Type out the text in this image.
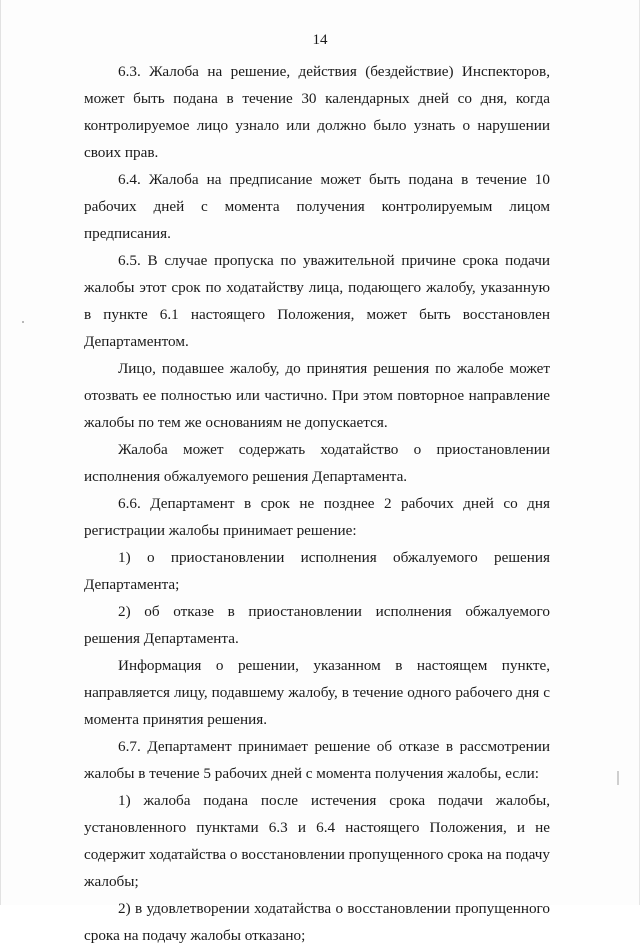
14

6.3. Жалоба на решение, действия (бездействие) Инспекторов, может быть подана в течение 30 календарных дней со дня, когда контролируемое лицо узнало или должно было узнать о нарушении своих прав.

6.4. Жалоба на предписание может быть подана в течение 10 рабочих дней с момента получения контролируемым лицом предписания.

6.5. В случае пропуска по уважительной причине срока подачи жалобы этот срок по ходатайству лица, подающего жалобу, указанную в пункте 6.1 настоящего Положения, может быть восстановлен Департаментом.

Лицо, подавшее жалобу, до принятия решения по жалобе может отозвать ее полностью или частично. При этом повторное направление жалобы по тем же основаниям не допускается.

Жалоба может содержать ходатайство о приостановлении исполнения обжалуемого решения Департамента.

6.6. Департамент в срок не позднее 2 рабочих дней со дня регистрации жалобы принимает решение:

1) о приостановлении исполнения обжалуемого решения Департамента;

2) об отказе в приостановлении исполнения обжалуемого решения Департамента.

Информация о решении, указанном в настоящем пункте, направляется лицу, подавшему жалобу, в течение одного рабочего дня с момента принятия решения.

6.7. Департамент принимает решение об отказе в рассмотрении жалобы в течение 5 рабочих дней с момента получения жалобы, если:

1) жалоба подана после истечения срока подачи жалобы, установленного пунктами 6.3 и 6.4 настоящего Положения, и не содержит ходатайства о восстановлении пропущенного срока на подачу жалобы;

2) в удовлетворении ходатайства о восстановлении пропущенного срока на подачу жалобы отказано;
